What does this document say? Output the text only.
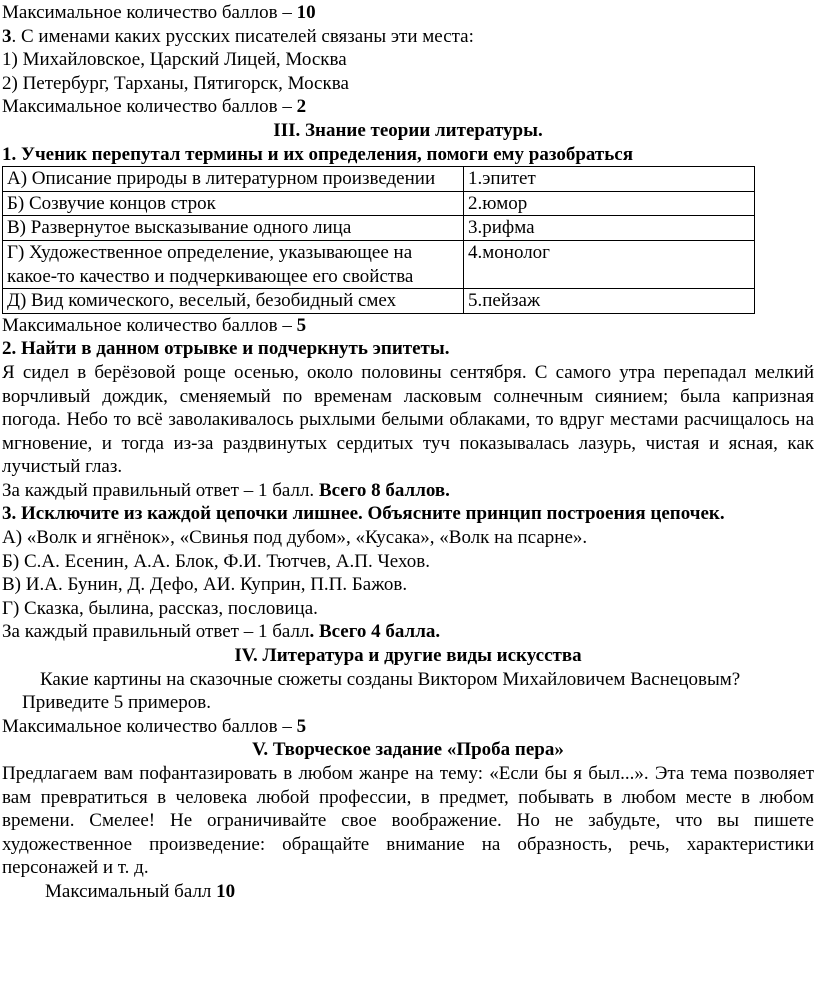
Максимальное количество баллов – 10

3. С именами каких русских писателей связаны эти места:

1) Михайловское, Царский Лицей, Москва

2) Петербург, Тарханы, Пятигорск, Москва

Максимальное количество баллов – 2

III. Знание теории литературы.

1. Ученик перепутал термины и их определения, помоги ему разобраться

А) Описание природы в литературном произведении	1.эпитет
Б) Созвучие концов строк	2.юмор
В) Развернутое высказывание одного лица	3.рифма
Г) Художественное определение, указывающее на какое-то качество и подчеркивающее его свойства	4.монолог
Д) Вид комического, веселый, безобидный смех	5.пейзаж

Максимальное количество баллов – 5

2. Найти в данном отрывке и подчеркнуть эпитеты.

Я сидел в берёзовой роще осенью, около половины сентября. С самого утра перепадал мелкий ворчливый дождик, сменяемый по временам ласковым солнечным сиянием; была капризная погода. Небо то всё заволакивалось рыхлыми белыми облаками, то вдруг местами расчищалось на мгновение, и тогда из-за раздвинутых сердитых туч показывалась лазурь, чистая и ясная, как лучистый глаз.

За каждый правильный ответ – 1 балл. Всего 8 баллов.

3. Исключите из каждой цепочки лишнее. Объясните принцип построения цепочек.

А) «Волк и ягнёнок», «Свинья под дубом», «Кусака», «Волк на псарне».

Б) С.А. Есенин, А.А. Блок, Ф.И. Тютчев, А.П. Чехов.

В) И.А. Бунин, Д. Дефо, АИ. Куприн, П.П. Бажов.

Г) Сказка, былина, рассказ, пословица.

За каждый правильный ответ – 1 балл. Всего 4 балла.

IV. Литература и другие виды искусства

Какие картины на сказочные сюжеты созданы Виктором Михайловичем Васнецовым?

Приведите 5 примеров.

Максимальное количество баллов – 5

V. Творческое задание «Проба пера»

Предлагаем вам пофантазировать в любом жанре на тему: «Если бы я был...». Эта тема позволяет вам превратиться в человека любой профессии, в предмет, побывать в любом месте в любом времени. Смелее! Не ограничивайте свое воображение. Но не забудьте, что вы пишете художественное произведение: обращайте внимание на образность, речь, характеристики персонажей и т. д.

Максимальный балл 10
